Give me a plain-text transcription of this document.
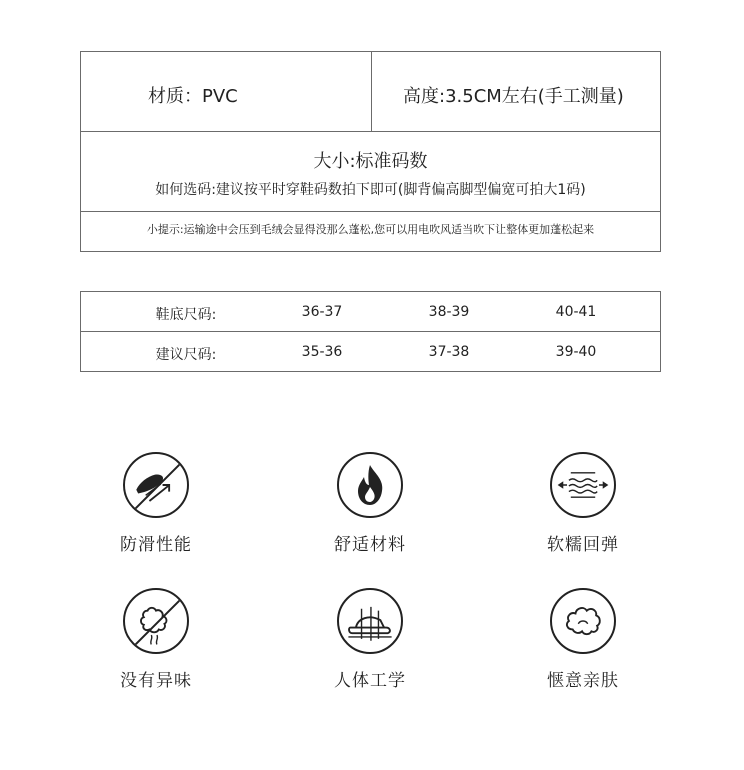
材质：PVC	高度:3.5CM左右(手工测量)
大小:标准码数
如何选码:建议按平时穿鞋码数拍下即可(脚背偏高脚型偏宽可拍大1码)
小提示:运输途中会压到毛绒会显得没那么蓬松,您可以用电吹风适当吹下让整体更加蓬松起来
鞋底尺码:	36-37	38-39	40-41
建议尺码:	35-36	37-38	39-40
防滑性能	舒适材料	软糯回弹
没有异味	人体工学	惬意亲肤
